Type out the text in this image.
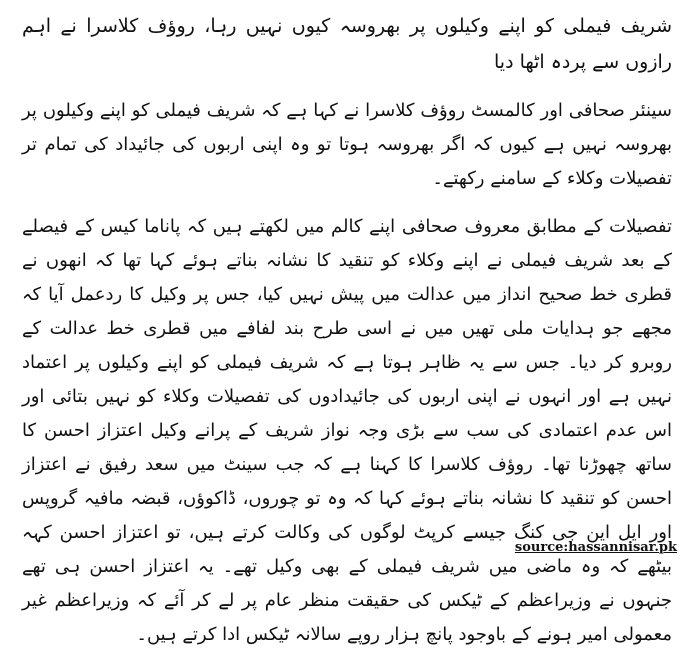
شریف فیملی کو اپنے وکیلوں پر بھروسہ کیوں نہیں رہا، روؤف کلاسرا نے اہم رازوں سے پردہ اٹھا دیا

سینئر صحافی اور کالمسٹ روؤف کلاسرا نے کہا ہے کہ شریف فیملی کو اپنے وکیلوں پر بھروسہ نہیں ہے کیوں کہ اگر بھروسہ ہوتا تو وہ اپنی اربوں کی جائیداد کی تمام تر تفصیلات وکلاء کے سامنے رکھتے۔

تفصیلات کے مطابق معروف صحافی اپنے کالم میں لکھتے ہیں کہ پاناما کیس کے فیصلے کے بعد شریف فیملی نے اپنے وکلاء کو تنقید کا نشانہ بناتے ہوئے کہا تھا کہ انھوں نے قطری خط صحیح انداز میں عدالت میں پیش نہیں کیا، جس پر وکیل کا ردعمل آیا کہ مجھے جو ہدایات ملی تھیں میں نے اسی طرح بند لفافے میں قطری خط عدالت کے روبرو کر دیا۔ جس سے یہ ظاہر ہوتا ہے کہ شریف فیملی کو اپنے وکیلوں پر اعتماد نہیں ہے اور انہوں نے اپنی اربوں کی جائیدادوں کی تفصیلات وکلاء کو نہیں بتائی اور اس عدم اعتمادی کی سب سے بڑی وجہ نواز شریف کے پرانے وکیل اعتزاز احسن کا ساتھ چھوڑنا تھا۔ روؤف کلاسرا کا کہنا ہے کہ جب سینٹ میں سعد رفیق نے اعتزاز احسن کو تنقید کا نشانہ بناتے ہوئے کہا کہ وہ تو چوروں، ڈاکوؤں، قبضہ مافیہ گروپس اور ایل این جی کنگ جیسے کرپٹ لوگوں کی وکالت کرتے ہیں، تو اعتزاز احسن کہہ بیٹھے کہ وہ ماضی میں شریف فیملی کے بھی وکیل تھے۔ یہ اعتزاز احسن ہی تھے جنہوں نے وزیراعظم کے ٹیکس کی حقیقت منظر عام پر لے کر آئے کہ وزیراعظم غیر معمولی امیر ہونے کے باوجود پانچ ہزار روپے سالانہ ٹیکس ادا کرتے ہیں۔

source:hassannisar.pk
